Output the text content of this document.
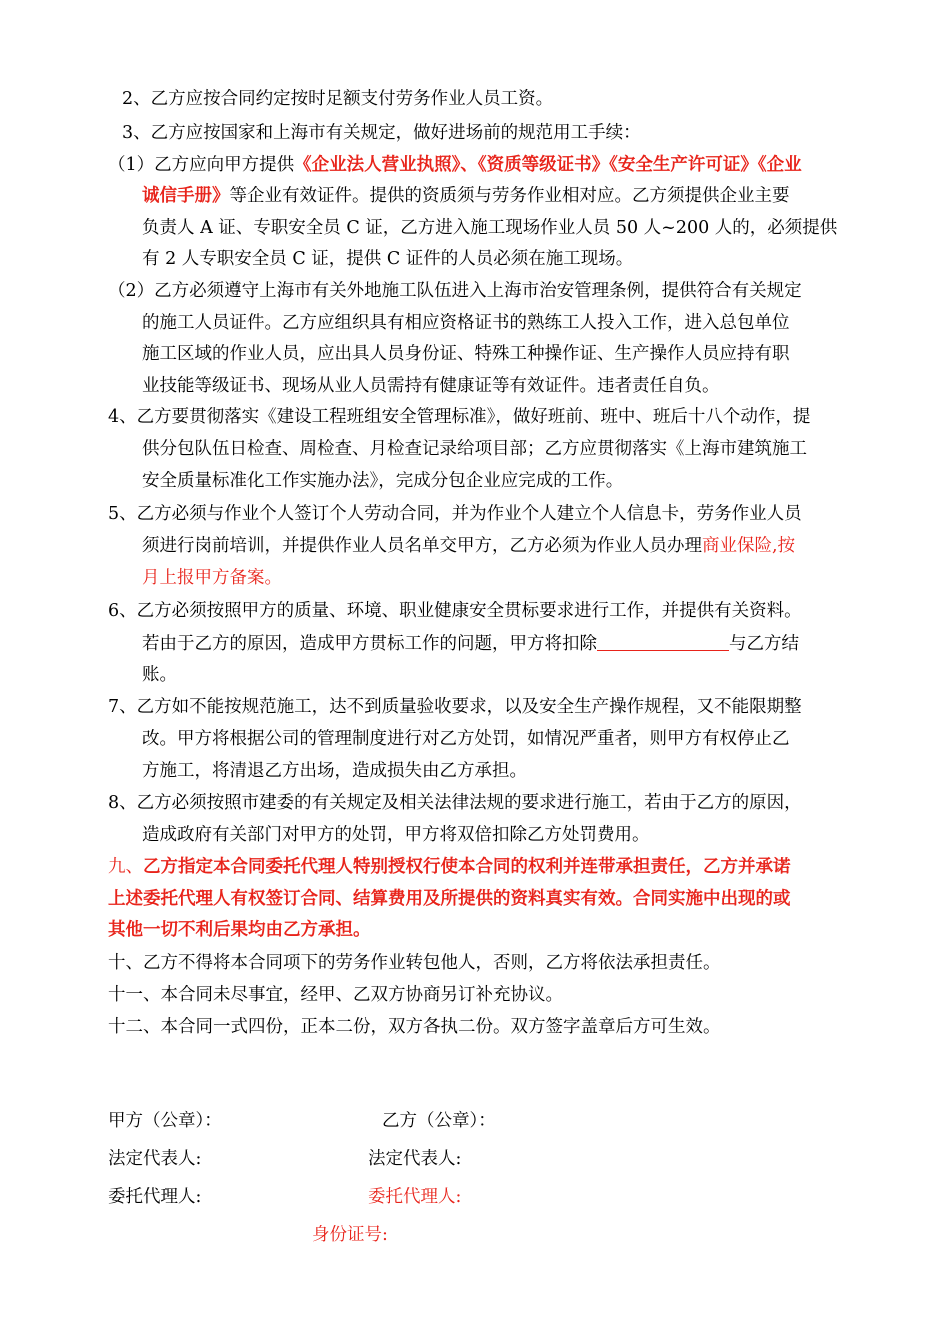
2、乙方应按合同约定按时足额支付劳务作业人员工资。
3、乙方应按国家和上海市有关规定，做好进场前的规范用工手续：
（1）乙方应向甲方提供《企业法人营业执照》、《资质等级证书》《安全生产许可证》《企业
诚信手册》等企业有效证件。提供的资质须与劳务作业相对应。乙方须提供企业主要
负责人 A 证、专职安全员 C 证，乙方进入施工现场作业人员 50 人~200 人的，必须提供
有 2 人专职安全员 C 证，提供 C 证件的人员必须在施工现场。
（2）乙方必须遵守上海市有关外地施工队伍进入上海市治安管理条例，提供符合有关规定
的施工人员证件。乙方应组织具有相应资格证书的熟练工人投入工作，进入总包单位
施工区域的作业人员，应出具人员身份证、特殊工种操作证、生产操作人员应持有职
业技能等级证书、现场从业人员需持有健康证等有效证件。违者责任自负。
4、乙方要贯彻落实《建设工程班组安全管理标准》，做好班前、班中、班后十八个动作，提
供分包队伍日检查、周检查、月检查记录给项目部；乙方应贯彻落实《上海市建筑施工
安全质量标准化工作实施办法》，完成分包企业应完成的工作。
5、乙方必须与作业个人签订个人劳动合同，并为作业个人建立个人信息卡，劳务作业人员
须进行岗前培训，并提供作业人员名单交甲方，乙方必须为作业人员办理商业保险,按
月上报甲方备案。
6、乙方必须按照甲方的质量、环境、职业健康安全贯标要求进行工作，并提供有关资料。
若由于乙方的原因，造成甲方贯标工作的问题，甲方将扣除	与乙方结
账。
7、乙方如不能按规范施工，达不到质量验收要求，以及安全生产操作规程，又不能限期整
改。甲方将根据公司的管理制度进行对乙方处罚，如情况严重者，则甲方有权停止乙
方施工，将清退乙方出场，造成损失由乙方承担。
8、乙方必须按照市建委的有关规定及相关法律法规的要求进行施工，若由于乙方的原因，
造成政府有关部门对甲方的处罚，甲方将双倍扣除乙方处罚费用。
九、乙方指定本合同委托代理人特别授权行使本合同的权利并连带承担责任，乙方并承诺
上述委托代理人有权签订合同、结算费用及所提供的资料真实有效。合同实施中出现的或
其他一切不利后果均由乙方承担。
十、乙方不得将本合同项下的劳务作业转包他人，否则，乙方将依法承担责任。
十一、本合同未尽事宜，经甲、乙双方协商另订补充协议。
十二、本合同一式四份，正本二份，双方各执二份。双方签字盖章后方可生效。
甲方（公章）：	乙方（公章）：
法定代表人:	法定代表人:
委托代理人:	委托代理人:
身份证号:
